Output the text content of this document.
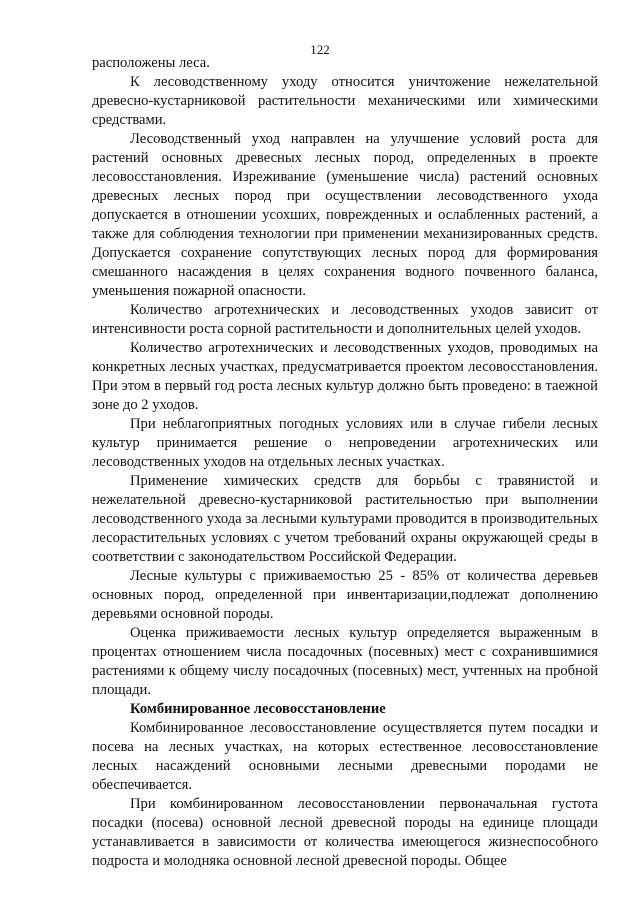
122

расположены леса.

К лесоводственному уходу относится уничтожение нежелательной древесно-кустарниковой растительности механическими или химическими средствами.

Лесоводственный уход направлен на улучшение условий роста для растений основных древесных лесных пород, определенных в проекте лесовосстановления. Изреживание (уменьшение числа) растений основных древесных лесных пород при осуществлении лесоводственного ухода допускается в отношении усохших, поврежденных и ослабленных растений, а также для соблюдения технологии при применении механизированных средств. Допускается сохранение сопутствующих лесных пород для формирования смешанного насаждения в целях сохранения водного почвенного баланса, уменьшения пожарной опасности.

Количество агротехнических и лесоводственных уходов зависит от интенсивности роста сорной растительности и дополнительных целей уходов.

Количество агротехнических и лесоводственных уходов, проводимых на конкретных лесных участках, предусматривается проектом лесовосстановления. При этом в первый год роста лесных культур должно быть проведено: в таежной зоне до 2 уходов.

При неблагоприятных погодных условиях или в случае гибели лесных культур принимается решение о непроведении агротехнических или лесоводственных уходов на отдельных лесных участках.

Применение химических средств для борьбы с травянистой и нежелательной древесно-кустарниковой растительностью при выполнении лесоводственного ухода за лесными культурами проводится в производительных лесорастительных условиях с учетом требований охраны окружающей среды в соответствии с законодательством Российской Федерации.

Лесные культуры с приживаемостью 25 - 85% от количества деревьев основных пород, определенной при инвентаризации,подлежат дополнению деревьями основной породы.

Оценка приживаемости лесных культур определяется выраженным в процентах отношением числа посадочных (посевных) мест с сохранившимися растениями к общему числу посадочных (посевных) мест, учтенных на пробной площади.

Комбинированное лесовосстановление

Комбинированное лесовосстановление осуществляется путем посадки и посева на лесных участках, на которых естественное лесовосстановление лесных насаждений основными лесными древесными породами не обеспечивается.

При комбинированном лесовосстановлении первоначальная густота посадки (посева) основной лесной древесной породы на единице площади устанавливается в зависимости от количества имеющегося жизнеспособного подроста и молодняка основной лесной древесной породы. Общее
